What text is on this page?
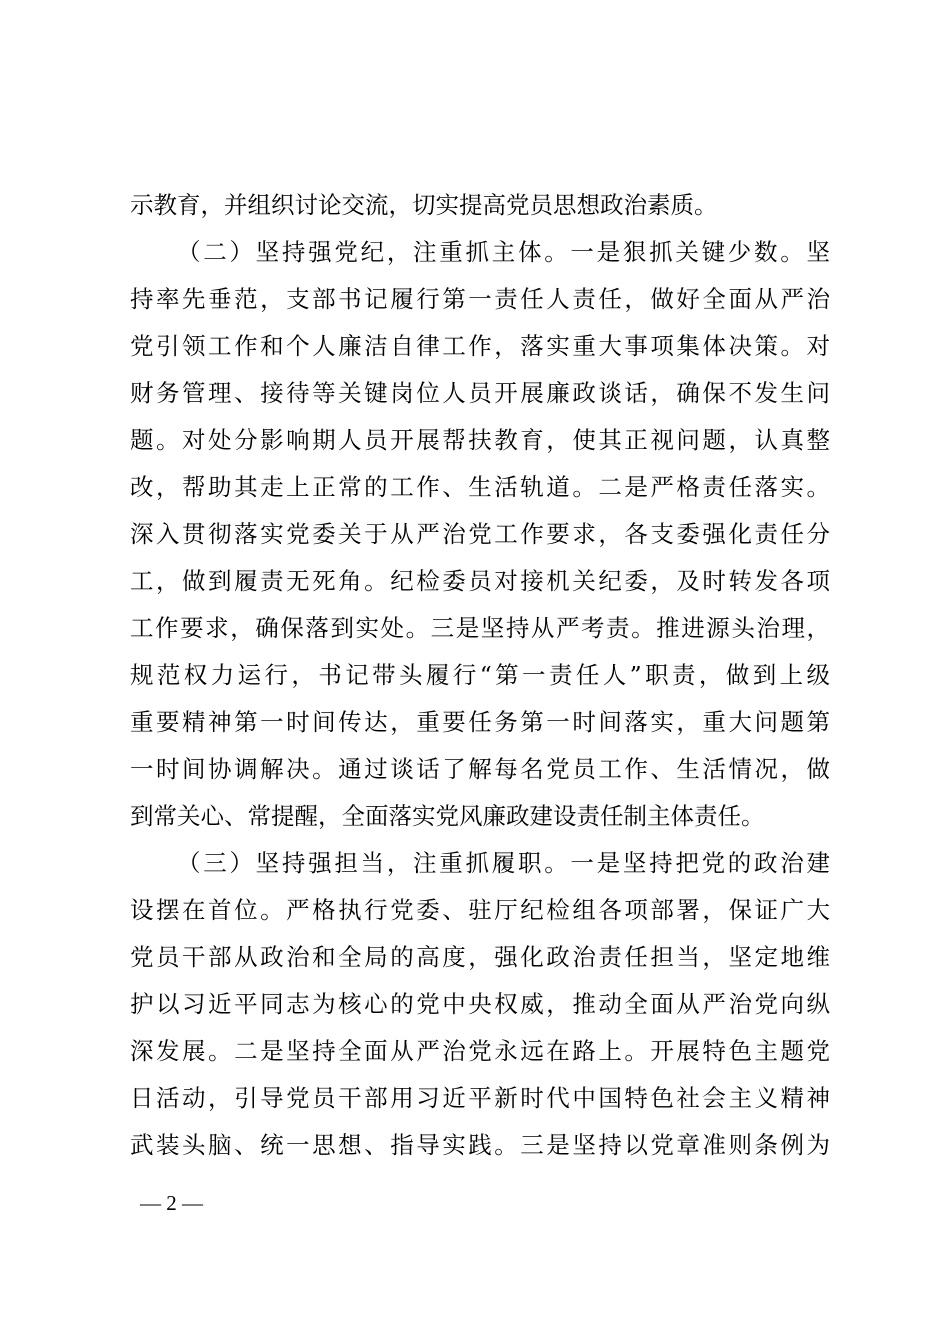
示教育，并组织讨论交流，切实提高党员思想政治素质。
（二）坚持强党纪，注重抓主体。一是狠抓关键少数。坚
持率先垂范，支部书记履行第一责任人责任，做好全面从严治
党引领工作和个人廉洁自律工作，落实重大事项集体决策。对
财务管理、接待等关键岗位人员开展廉政谈话，确保不发生问
题。对处分影响期人员开展帮扶教育，使其正视问题，认真整
改，帮助其走上正常的工作、生活轨道。二是严格责任落实。
深入贯彻落实党委关于从严治党工作要求，各支委强化责任分
工，做到履责无死角。纪检委员对接机关纪委，及时转发各项
工作要求，确保落到实处。三是坚持从严考责。推进源头治理，
规范权力运行，书记带头履行“第一责任人”职责，做到上级
重要精神第一时间传达，重要任务第一时间落实，重大问题第
一时间协调解决。通过谈话了解每名党员工作、生活情况，做
到常关心、常提醒，全面落实党风廉政建设责任制主体责任。
（三）坚持强担当，注重抓履职。一是坚持把党的政治建
设摆在首位。严格执行党委、驻厅纪检组各项部署，保证广大
党员干部从政治和全局的高度，强化政治责任担当，坚定地维
护以习近平同志为核心的党中央权威，推动全面从严治党向纵
深发展。二是坚持全面从严治党永远在路上。开展特色主题党
日活动，引导党员干部用习近平新时代中国特色社会主义精神
武装头脑、统一思想、指导实践。三是坚持以党章准则条例为
— 2 —
